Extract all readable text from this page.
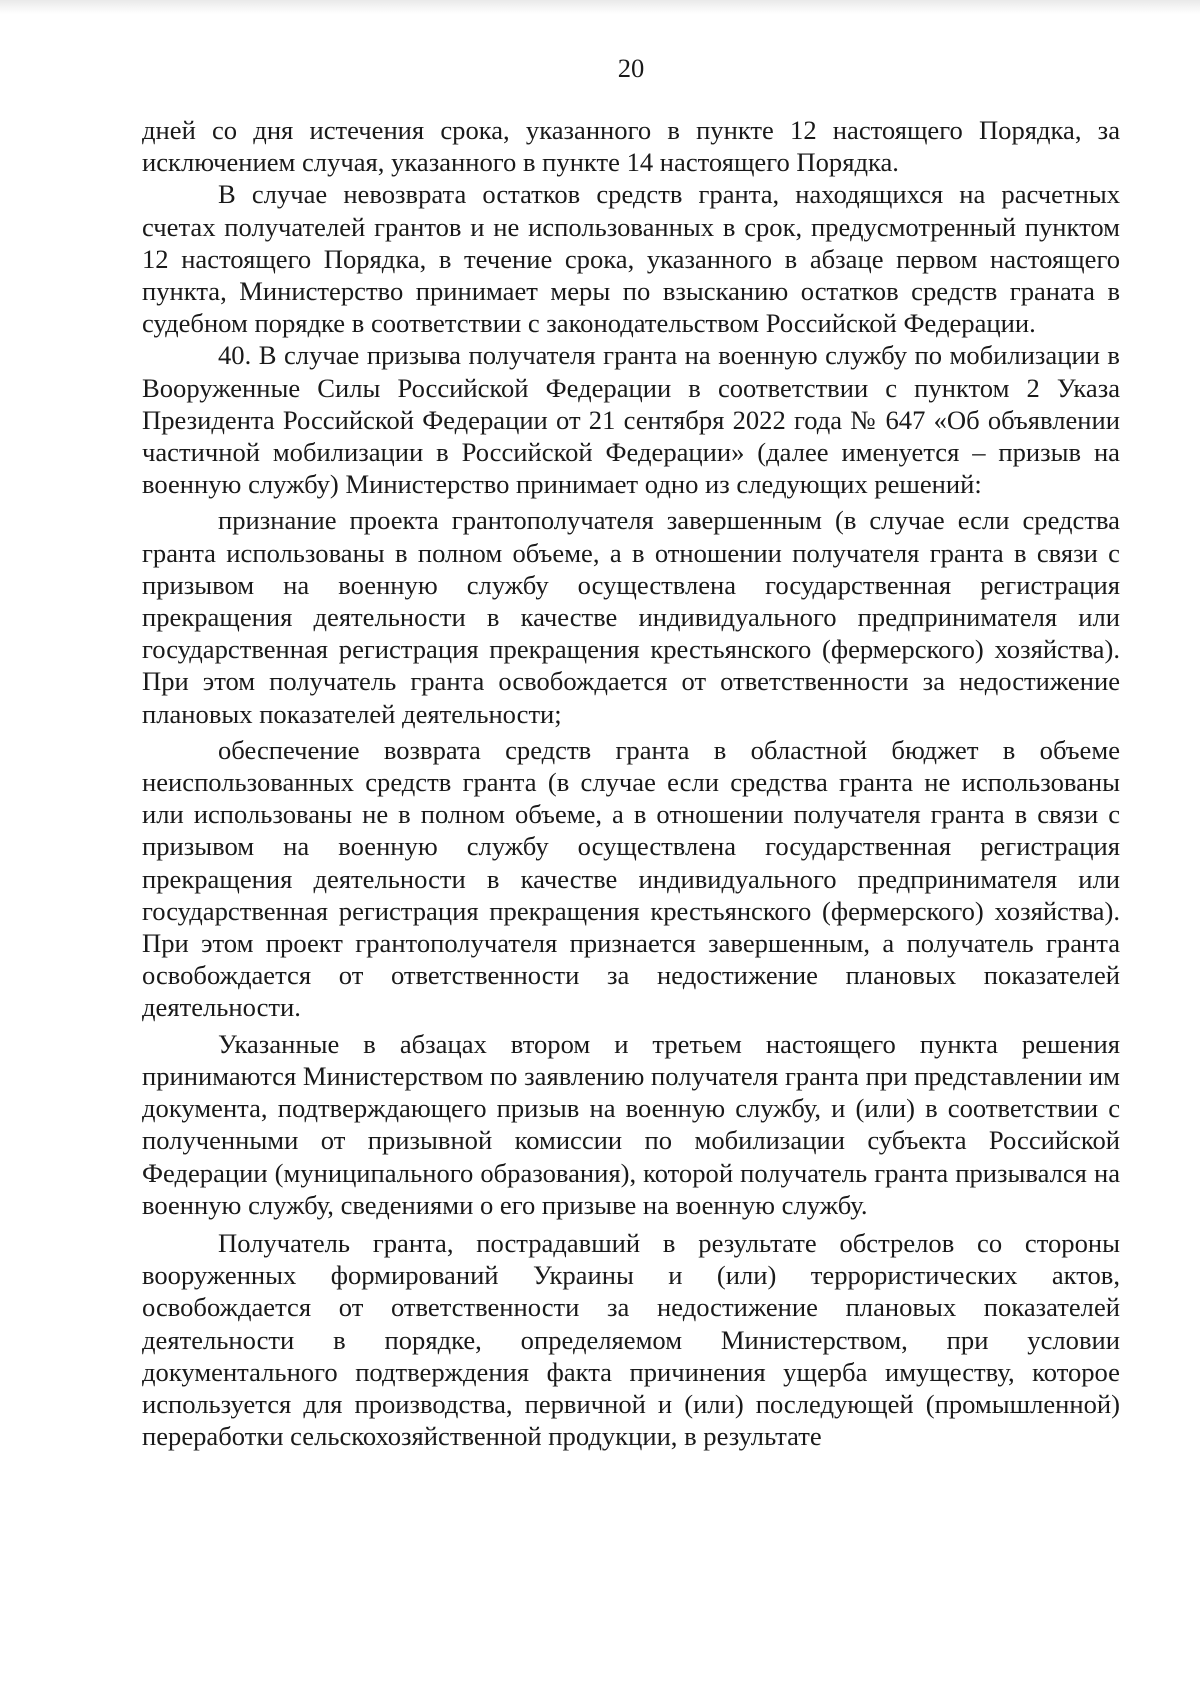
20

дней со дня истечения срока, указанного в пункте 12 настоящего Порядка, за исключением случая, указанного в пункте 14 настоящего Порядка.

В случае невозврата остатков средств гранта, находящихся на расчетных счетах получателей грантов и не использованных в срок, предусмотренный пунктом 12 настоящего Порядка, в течение срока, указанного в абзаце первом настоящего пункта, Министерство принимает меры по взысканию остатков средств граната в судебном порядке в соответствии с законодательством Российской Федерации.

40. В случае призыва получателя гранта на военную службу по мобилизации в Вооруженные Силы Российской Федерации в соответствии с пунктом 2 Указа Президента Российской Федерации от 21 сентября 2022 года № 647 «Об объявлении частичной мобилизации в Российской Федерации» (далее именуется – призыв на военную службу) Министерство принимает одно из следующих решений:

признание проекта грантополучателя завершенным (в случае если средства гранта использованы в полном объеме, а в отношении получателя гранта в связи с призывом на военную службу осуществлена государственная регистрация прекращения деятельности в качестве индивидуального предпринимателя или государственная регистрация прекращения крестьянского (фермерского) хозяйства). При этом получатель гранта освобождается от ответственности за недостижение плановых показателей деятельности;

обеспечение возврата средств гранта в областной бюджет в объеме неиспользованных средств гранта (в случае если средства гранта не использованы или использованы не в полном объеме, а в отношении получателя гранта в связи с призывом на военную службу осуществлена государственная регистрация прекращения деятельности в качестве индивидуального предпринимателя или государственная регистрация прекращения крестьянского (фермерского) хозяйства). При этом проект грантополучателя признается завершенным, а получатель гранта освобождается от ответственности за недостижение плановых показателей деятельности.

Указанные в абзацах втором и третьем настоящего пункта решения принимаются Министерством по заявлению получателя гранта при представлении им документа, подтверждающего призыв на военную службу, и (или) в соответствии с полученными от призывной комиссии по мобилизации субъекта Российской Федерации (муниципального образования), которой получатель гранта призывался на военную службу, сведениями о его призыве на военную службу.

Получатель гранта, пострадавший в результате обстрелов со стороны вооруженных формирований Украины и (или) террористических актов, освобождается от ответственности за недостижение плановых показателей деятельности в порядке, определяемом Министерством, при условии документального подтверждения факта причинения ущерба имуществу, которое используется для производства, первичной и (или) последующей (промышленной) переработки сельскохозяйственной продукции, в результате
